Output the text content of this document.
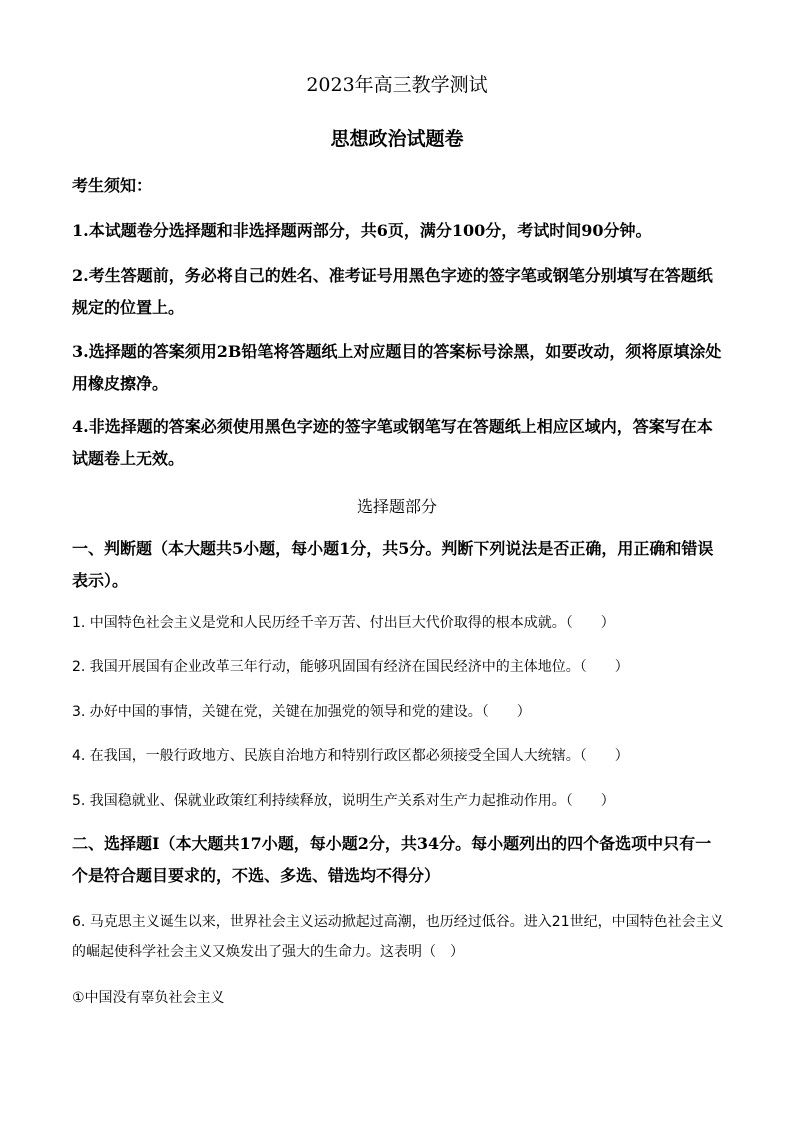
2023年高三教学测试
思想政治试题卷
考生须知：
1.本试题卷分选择题和非选择题两部分，共6页，满分100分，考试时间90分钟。
2.考生答题前，务必将自己的姓名、准考证号用黑色字迹的签字笔或钢笔分别填写在答题纸规定的位置上。
3.选择题的答案须用2B铅笔将答题纸上对应题目的答案标号涂黑，如要改动，须将原填涂处用橡皮擦净。
4.非选择题的答案必须使用黑色字迹的签字笔或钢笔写在答题纸上相应区域内，答案写在本试题卷上无效。
选择题部分
一、判断题（本大题共5小题，每小题1分，共5分。判断下列说法是否正确，用正确和错误表示）。
1. 中国特色社会主义是党和人民历经千辛万苦、付出巨大代价取得的根本成就。（　　）
2. 我国开展国有企业改革三年行动，能够巩固国有经济在国民经济中的主体地位。（　　）
3. 办好中国的事情，关键在党，关键在加强党的领导和党的建设。（　　）
4. 在我国，一般行政地方、民族自治地方和特别行政区都必须接受全国人大统辖。（　　）
5. 我国稳就业、保就业政策红利持续释放，说明生产关系对生产力起推动作用。（　　）
二、选择题Ⅰ（本大题共17小题，每小题2分，共34分。每小题列出的四个备选项中只有一个是符合题目要求的，不选、多选、错选均不得分）
6. 马克思主义诞生以来，世界社会主义运动掀起过高潮，也历经过低谷。进入21世纪，中国特色社会主义的崛起使科学社会主义又焕发出了强大的生命力。这表明（　）
①中国没有辜负社会主义
